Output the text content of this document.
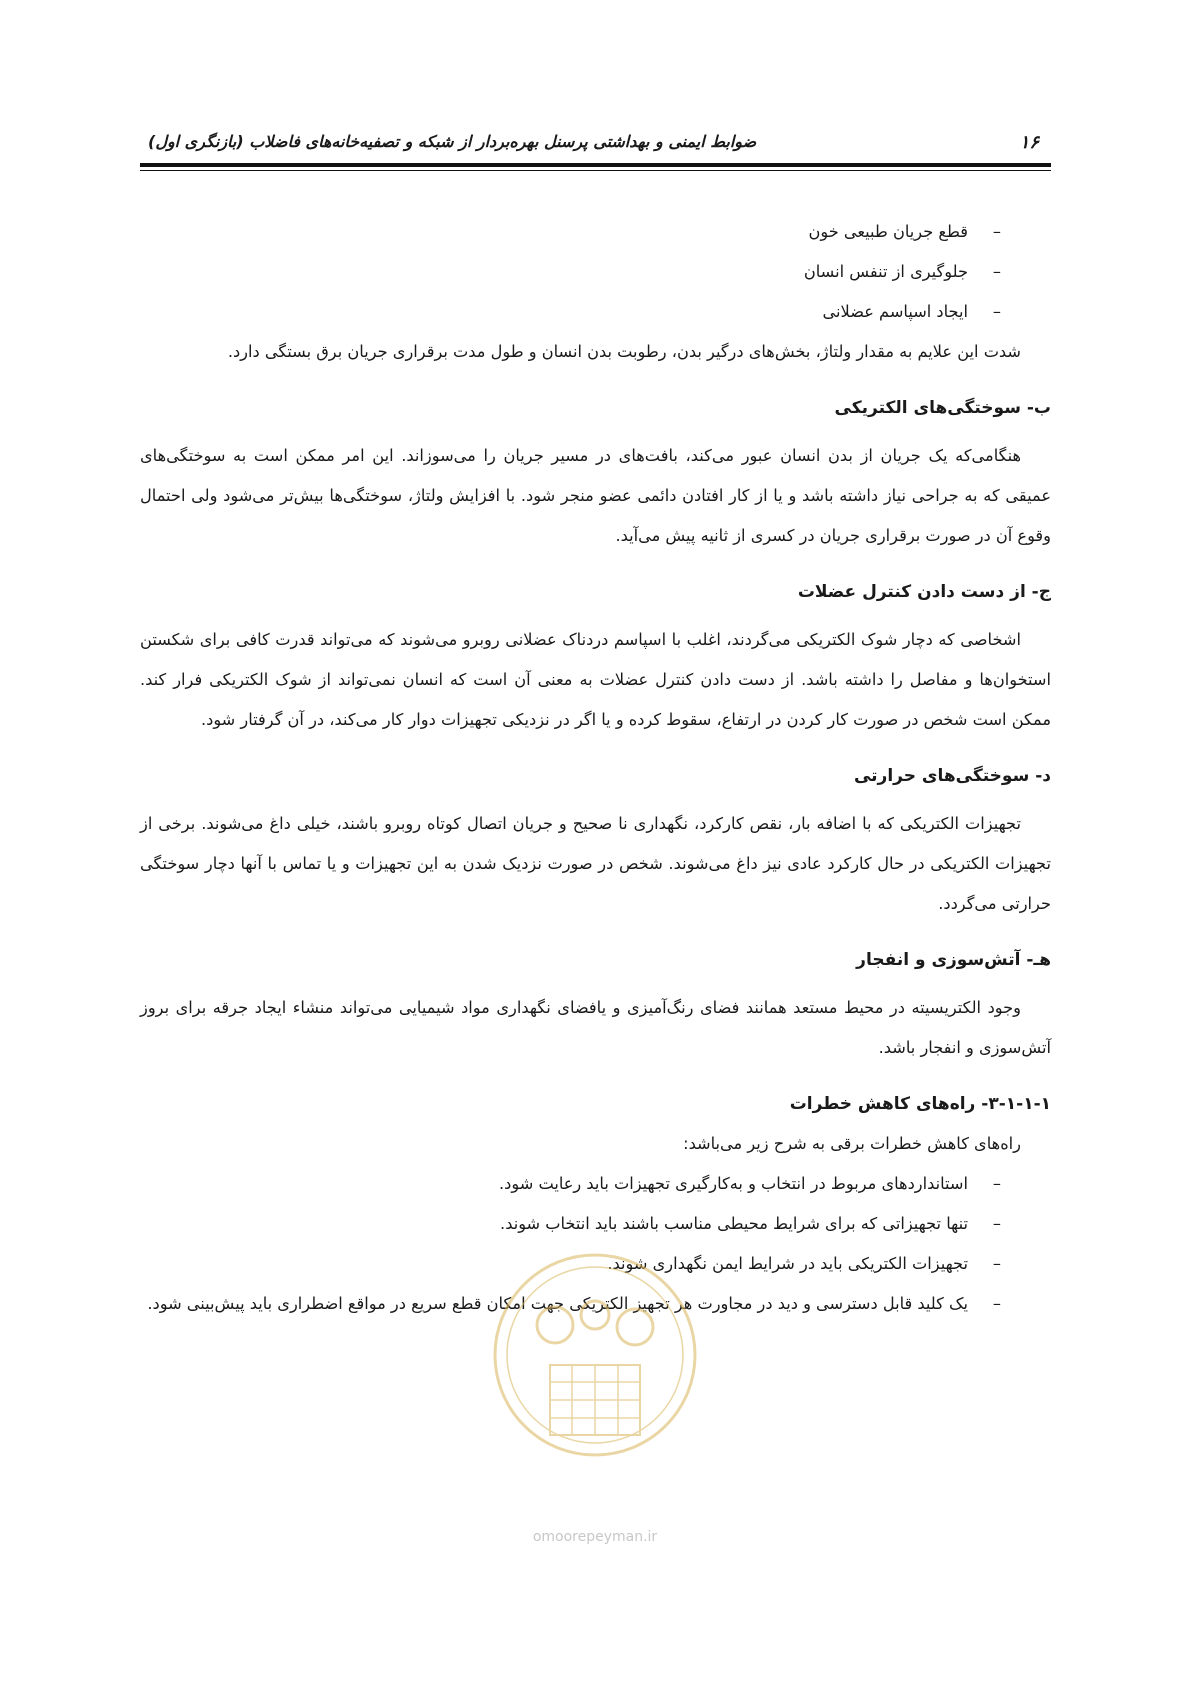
۱۶
ضوابط ایمنی و بهداشتی پرسنل بهره‌بردار از شبکه و تصفیه‌خانه‌های فاضلاب (بازنگری اول)
–
قطع جریان طبیعی خون
–
جلوگیری از تنفس انسان
–
ایجاد اسپاسم عضلانی

شدت این علایم به مقدار ولتاژ، بخش‌های درگیر بدن، رطوبت بدن انسان و طول مدت برقراری جریان برق بستگی دارد.

ب- سوختگی‌های الکتریکی

هنگامی‌که یک جریان از بدن انسان عبور می‌کند، بافت‌های در مسیر جریان را می‌سوزاند. این امر ممکن است به سوختگی‌های عمیقی که به جراحی نیاز داشته باشد و یا از کار افتادن دائمی عضو منجر شود. با افزایش ولتاژ، سوختگی‌ها بیش‌تر می‌شود ولی احتمال وقوع آن در صورت برقراری جریان در کسری از ثانیه پیش می‌آید.

ج- از دست دادن کنترل عضلات

اشخاصی که دچار شوک الکتریکی می‌گردند، اغلب با اسپاسم دردناک عضلانی روبرو می‌شوند که می‌تواند قدرت کافی برای شکستن استخوان‌ها و مفاصل را داشته باشد. از دست دادن کنترل عضلات به معنی آن است که انسان نمی‌تواند از شوک الکتریکی فرار کند. ممکن است شخص در صورت کار کردن در ارتفاع، سقوط کرده و یا اگر در نزدیکی تجهیزات دوار کار می‌کند، در آن گرفتار شود.

د- سوختگی‌های حرارتی

تجهیزات الکتریکی که با اضافه بار، نقص کارکرد، نگهداری نا صحیح و جریان اتصال کوتاه روبرو باشند، خیلی داغ می‌شوند. برخی از تجهیزات الکتریکی در حال کارکرد عادی نیز داغ می‌شوند. شخص در صورت نزدیک شدن به این تجهیزات و یا تماس با آنها دچار سوختگی حرارتی می‌گردد.

هـ- آتش‌سوزی و انفجار

وجود الکتریسیته در محیط مستعد همانند فضای رنگ‌آمیزی و یافضای نگهداری مواد شیمیایی می‌تواند منشاء ایجاد جرقه برای بروز آتش‌سوزی و انفجار باشد.

۳-۱-۱-۱- راه‌های کاهش خطرات

راه‌های کاهش خطرات برقی به شرح زیر می‌باشد:

–
استانداردهای مربوط در انتخاب و به‌کارگیری تجهیزات باید رعایت شود.
–
تنها تجهیزاتی که برای شرایط محیطی مناسب باشند باید انتخاب شوند.
–
تجهیزات الکتریکی باید در شرایط ایمن نگهداری شوند.
–
یک کلید قابل دسترسی و دید در مجاورت هر تجهیز الکتریکی جهت امکان قطع سریع در مواقع اضطراری باید پیش‌بینی شود.
omoorepeyman.ir
